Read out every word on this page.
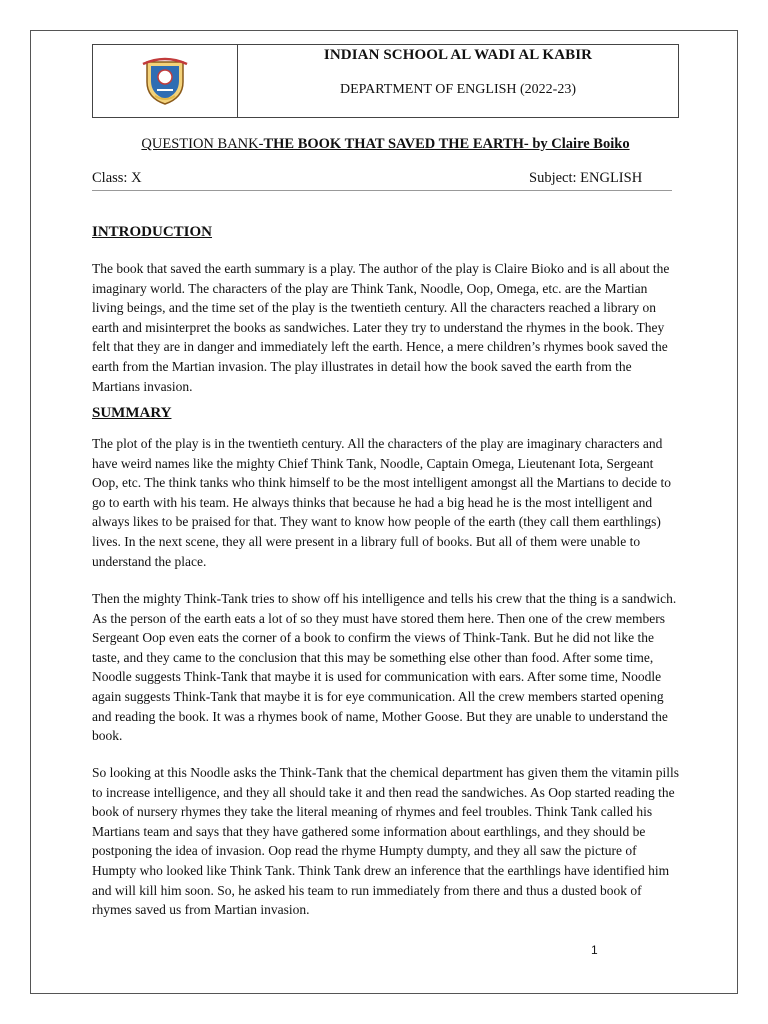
INDIAN SCHOOL AL WADI AL KABIR
DEPARTMENT OF ENGLISH (2022-23)
QUESTION BANK-THE BOOK THAT SAVED THE EARTH- by Claire Boiko
Class: X	Subject: ENGLISH
INTRODUCTION

The book that saved the earth summary is a play. The author of the play is Claire Bioko and is all about the imaginary world. The characters of the play are Think Tank, Noodle, Oop, Omega, etc. are the Martian living beings, and the time set of the play is the twentieth century. All the characters reached a library on earth and misinterpret the books as sandwiches. Later they try to understand the rhymes in the book. They felt that they are in danger and immediately left the earth. Hence, a mere children’s rhymes book saved the earth from the Martian invasion. The play illustrates in detail how the book saved the earth from the Martians invasion.

SUMMARY

The plot of the play is in the twentieth century. All the characters of the play are imaginary characters and have weird names like the mighty Chief Think Tank, Noodle, Captain Omega, Lieutenant Iota, Sergeant Oop, etc. The think tanks who think himself to be the most intelligent amongst all the Martians to decide to go to earth with his team. He always thinks that because he had a big head he is the most intelligent and always likes to be praised for that. They want to know how people of the earth (they call them earthlings) lives. In the next scene, they all were present in a library full of books. But all of them were unable to understand the place.

Then the mighty Think-Tank tries to show off his intelligence and tells his crew that the thing is a sandwich. As the person of the earth eats a lot of so they must have stored them here. Then one of the crew members Sergeant Oop even eats the corner of a book to confirm the views of Think-Tank. But he did not like the taste, and they came to the conclusion that this may be something else other than food. After some time, Noodle suggests Think-Tank that maybe it is used for communication with ears. After some time, Noodle again suggests Think-Tank that maybe it is for eye communication. All the crew members started opening and reading the book. It was a rhymes book of name, Mother Goose. But they are unable to understand the book.

So looking at this Noodle asks the Think-Tank that the chemical department has given them the vitamin pills to increase intelligence, and they all should take it and then read the sandwiches. As Oop started reading the book of nursery rhymes they take the literal meaning of rhymes and feel troubles. Think Tank called his Martians team and says that they have gathered some information about earthlings, and they should be postponing the idea of invasion. Oop read the rhyme Humpty dumpty, and they all saw the picture of Humpty who looked like Think Tank. Think Tank drew an inference that the earthlings have identified him and will kill him soon. So, he asked his team to run immediately from there and thus a dusted book of rhymes saved us from Martian invasion.

1
